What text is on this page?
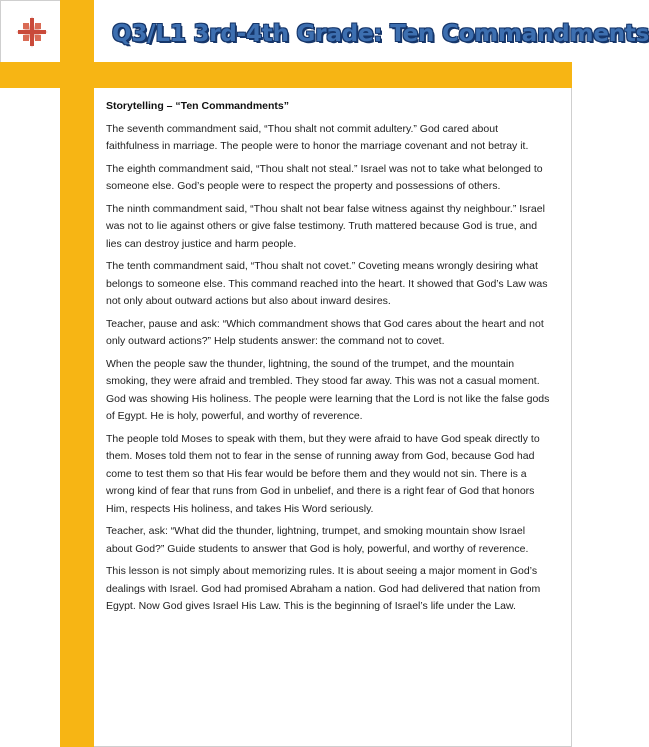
Q3/L1 3rd-4th Grade: Ten Commandments
Storytelling – “Ten Commandments”

The seventh commandment said, “Thou shalt not commit adultery.” God cared about faithfulness in marriage. The people were to honor the marriage covenant and not betray it.

The eighth commandment said, “Thou shalt not steal.” Israel was not to take what belonged to someone else. God’s people were to respect the property and possessions of others.

The ninth commandment said, “Thou shalt not bear false witness against thy neighbour.” Israel was not to lie against others or give false testimony. Truth mattered because God is true, and lies can destroy justice and harm people.

The tenth commandment said, “Thou shalt not covet.” Coveting means wrongly desiring what belongs to someone else. This command reached into the heart. It showed that God’s Law was not only about outward actions but also about inward desires.

Teacher, pause and ask: “Which commandment shows that God cares about the heart and not only outward actions?” Help students answer: the command not to covet.

When the people saw the thunder, lightning, the sound of the trumpet, and the mountain smoking, they were afraid and trembled. They stood far away. This was not a casual moment. God was showing His holiness. The people were learning that the Lord is not like the false gods of Egypt. He is holy, powerful, and worthy of reverence.

The people told Moses to speak with them, but they were afraid to have God speak directly to them. Moses told them not to fear in the sense of running away from God, because God had come to test them so that His fear would be before them and they would not sin. There is a wrong kind of fear that runs from God in unbelief, and there is a right fear of God that honors Him, respects His holiness, and takes His Word seriously.

Teacher, ask: “What did the thunder, lightning, trumpet, and smoking mountain show Israel about God?” Guide students to answer that God is holy, powerful, and worthy of reverence.

This lesson is not simply about memorizing rules. It is about seeing a major moment in God’s dealings with Israel. God had promised Abraham a nation. God had delivered that nation from Egypt. Now God gives Israel His Law. This is the beginning of Israel’s life under the Law.
